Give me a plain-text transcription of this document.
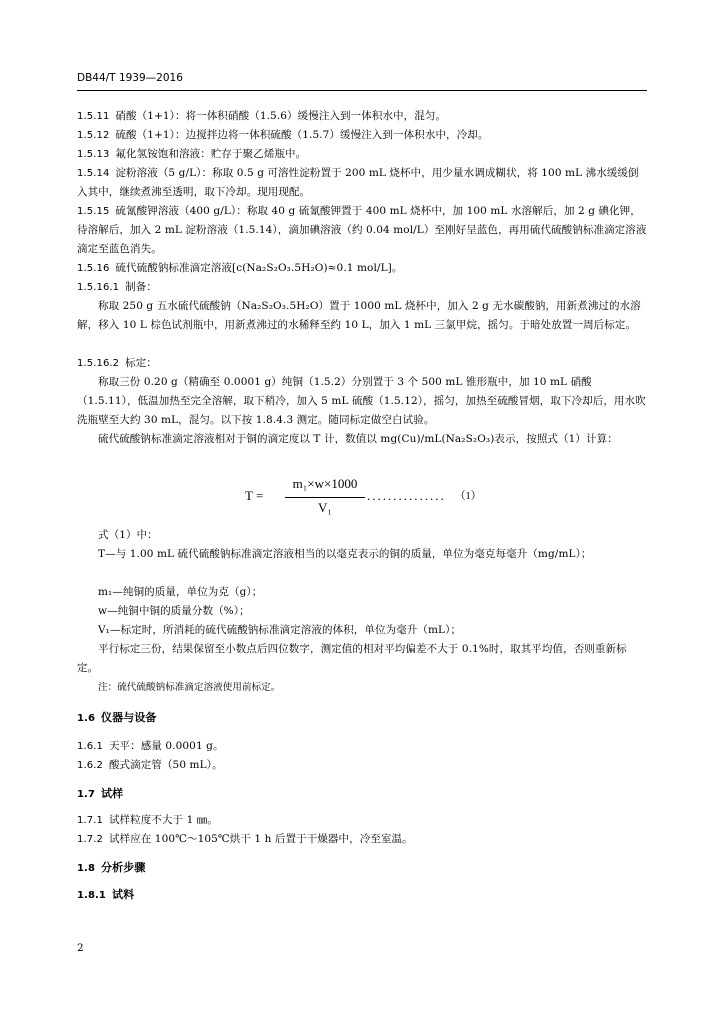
DB44/T 1939—2016
1.5.11 硝酸（1+1）：将一体积硝酸（1.5.6）缓慢注入到一体积水中，混匀。
1.5.12 硫酸（1+1）：边搅拌边将一体积硫酸（1.5.7）缓慢注入到一体积水中，冷却。
1.5.13 氟化氢铵饱和溶液：贮存于聚乙烯瓶中。
1.5.14 淀粉溶液（5 g/L）：称取 0.5 g 可溶性淀粉置于 200 mL 烧杯中，用少量水调成糊状，将 100 mL 沸水缓缓倒入其中，继续煮沸至透明，取下冷却。现用现配。
1.5.15 硫氰酸钾溶液（400 g/L）：称取 40 g 硫氰酸钾置于 400 mL 烧杯中，加 100 mL 水溶解后，加 2 g 碘化钾，待溶解后，加入 2 mL 淀粉溶液（1.5.14），滴加碘溶液（约 0.04 mol/L）至刚好呈蓝色，再用硫代硫酸钠标准滴定溶液滴定至蓝色消失。
1.5.16 硫代硫酸钠标准滴定溶液[c(Na₂S₂O₃.5H₂O)≈0.1 mol/L]。
1.5.16.1 制备：
称取 250 g 五水硫代硫酸钠（Na₂S₂O₃.5H₂O）置于 1000 mL 烧杯中，加入 2 g 无水碳酸钠，用新煮沸过的水溶解，移入 10 L 棕色试剂瓶中，用新煮沸过的水稀释至约 10 L，加入 1 mL 三氯甲烷，摇匀。于暗处放置一周后标定。
1.5.16.2 标定：
称取三份 0.20 g（精确至 0.0001 g）纯铜（1.5.2）分别置于 3 个 500 mL 锥形瓶中，加 10 mL 硝酸（1.5.11），低温加热至完全溶解，取下稍冷，加入 5 mL 硫酸（1.5.12），摇匀，加热至硫酸冒烟，取下冷却后，用水吹洗瓶壁至大约 30 mL，混匀。以下按 1.8.4.3 测定。随同标定做空白试验。
硫代硫酸钠标准滴定溶液相对于铜的滴定度以 T 计，数值以 mg(Cu)/mL(Na₂S₂O₃)表示，按照式（1）计算：
T =
m₁×w×1000
V₁
............... （1）
式（1）中：
T—与 1.00 mL 硫代硫酸钠标准滴定溶液相当的以毫克表示的铜的质量，单位为毫克每毫升（mg/mL）；
m₁—纯铜的质量，单位为克（g）；
w—纯铜中铜的质量分数（%）；
V₁—标定时，所消耗的硫代硫酸钠标准滴定溶液的体积，单位为毫升（mL）；
平行标定三份，结果保留至小数点后四位数字，测定值的相对平均偏差不大于 0.1%时，取其平均值，否则重新标定。
注：硫代硫酸钠标准滴定溶液使用前标定。
1.6 仪器与设备
1.6.1 天平：感量 0.0001 g。
1.6.2 酸式滴定管（50 mL）。
1.7 试样
1.7.1 试样粒度不大于 1 ㎜。
1.7.2 试样应在 100℃～105℃烘干 1 h 后置于干燥器中，冷至室温。
1.8 分析步骤
1.8.1 试料
2
